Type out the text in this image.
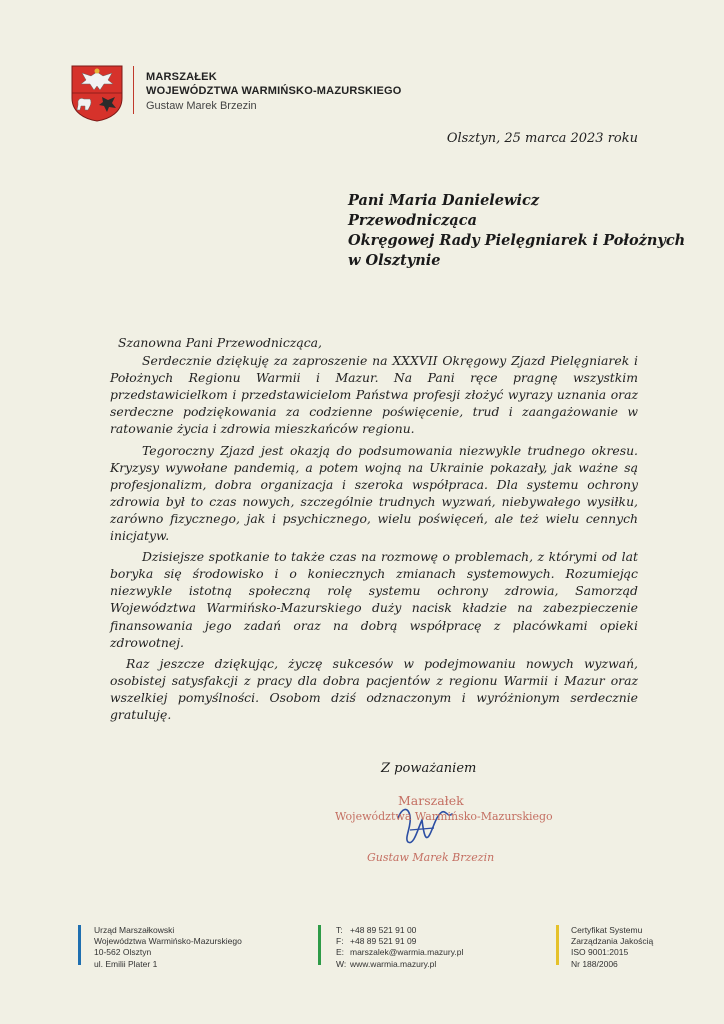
MARSZAŁEK
WOJEWÓDZTWA WARMIŃSKO-MAZURSKIEGO
Gustaw Marek Brzezin
Olsztyn, 25 marca 2023 roku
Pani Maria Danielewicz
Przewodnicząca
Okręgowej Rady Pielęgniarek i Położnych
w Olsztynie

Szanowna Pani Przewodnicząca,

Serdecznie dziękuję za zaproszenie na XXXVII Okręgowy Zjazd Pielęgniarek i Położnych Regionu Warmii i Mazur. Na Pani ręce pragnę wszystkim przedstawicielkom i przedstawicielom Państwa profesji złożyć wyrazy uznania oraz serdeczne podziękowania za codzienne poświęcenie, trud i zaangażowanie w ratowanie życia i zdrowia mieszkańców regionu.

Tegoroczny Zjazd jest okazją do podsumowania niezwykle trudnego okresu. Kryzysy wywołane pandemią, a potem wojną na Ukrainie pokazały, jak ważne są profesjonalizm, dobra organizacja i szeroka współpraca. Dla systemu ochrony zdrowia był to czas nowych, szczególnie trudnych wyzwań, niebywałego wysiłku, zarówno fizycznego, jak i psychicznego, wielu poświęceń, ale też wielu cennych inicjatyw.

Dzisiejsze spotkanie to także czas na rozmowę o problemach, z którymi od lat boryka się środowisko i o koniecznych zmianach systemowych. Rozumiejąc niezwykle istotną społeczną rolę systemu ochrony zdrowia, Samorząd Województwa Warmińsko-Mazurskiego duży nacisk kładzie na zabezpieczenie finansowania jego zadań oraz na dobrą współpracę z placówkami opieki zdrowotnej.

Raz jeszcze dziękując, życzę sukcesów w podejmowaniu nowych wyzwań, osobistej satysfakcji z pracy dla dobra pacjentów z regionu Warmii i Mazur oraz wszelkiej pomyślności. Osobom dziś odznaczonym i wyróżnionym serdecznie gratuluję.

Z poważaniem
Marszałek
Województwa Warmińsko-Mazurskiego
Gustaw Marek Brzezin
Urząd Marszałkowski
Województwa Warmińsko-Mazurskiego
10-562 Olsztyn
ul. Emilii Plater 1
T: +48 89 521 91 00
F: +48 89 521 91 09
E: marszalek@warmia.mazury.pl
W: www.warmia.mazury.pl
Certyfikat Systemu
Zarządzania Jakością
ISO 9001:2015
Nr 188/2006
